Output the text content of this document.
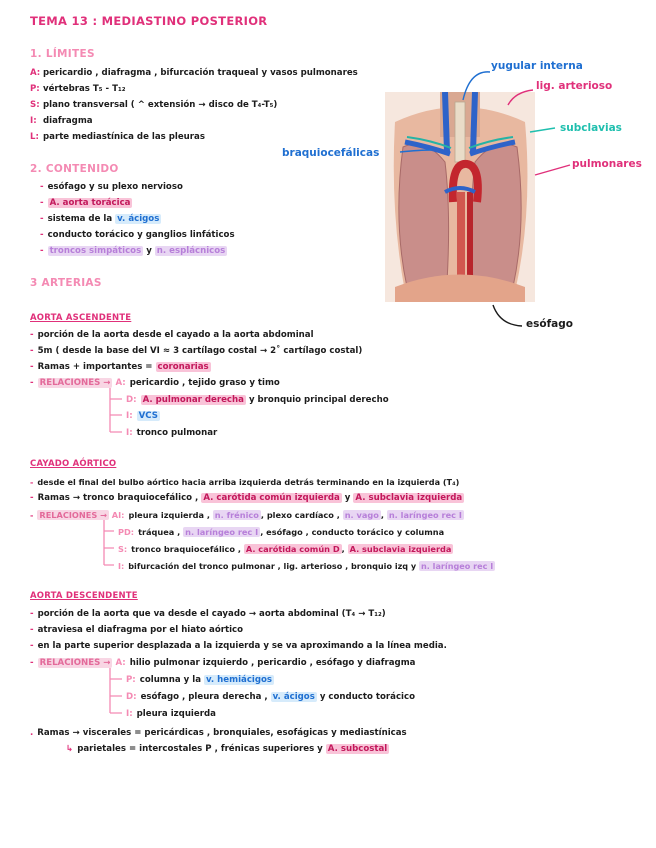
TEMA 13 : MEDIASTINO POSTERIOR
1. LÍMITES
A: pericardio , diafragma , bifurcación traqueal y vasos pulmonares
P: vértebras T₅ - T₁₂
S: plano transversal ( ^ extensión → disco de T₄-T₅)
I: diafragma
L: parte mediastínica de las pleuras
2. CONTENIDO
- esófago y su plexo nervioso
- A. aorta torácica
- sistema de la v. ácigos
- conducto torácico y ganglios linfáticos
- troncos simpáticos y n. esplácnicos
3 ARTERIAS
AORTA ASCENDENTE
- porción de la aorta desde el cayado a la aorta abdominal
- 5m ( desde la base del VI ≈ 3 cartílago costal → 2˚ cartílago costal)
- Ramas + importantes = coronarias
- RELACIONES → A: pericardio , tejido graso y timo
D: A. pulmonar derecha y bronquio principal derecho
I: VCS
I: tronco pulmonar
CAYADO AÓRTICO
- desde el final del bulbo aórtico hacia arriba izquierda detrás terminando en la izquierda (T₄)
- Ramas → tronco braquiocefálico , A. carótida común izquierda y A. subclavia izquierda
- RELACIONES → AI: pleura izquierda , n. frénico , plexo cardíaco , n. vago , n. laríngeo rec I
PD: tráquea , n. laríngeo rec I , esófago , conducto torácico y columna
S: tronco braquiocefálico , A. carótida común D , A. subclavia izquierda
I: bifurcación del tronco pulmonar , lig. arterioso , bronquio izq y n. laríngeo rec I
AORTA DESCENDENTE
- porción de la aorta que va desde el cayado → aorta abdominal (T₄ → T₁₂)
- atraviesa el diafragma por el hiato aórtico
- en la parte superior desplazada a la izquierda y se va aproximando a la línea media.
- RELACIONES → A: hilio pulmonar izquierdo , pericardio , esófago y diafragma
P: columna y la v. hemiácigos
D: esófago , pleura derecha , v. ácigos y conducto torácico
I: pleura izquierda
. Ramas → viscerales = pericárdicas , bronquiales, esofágicas y mediastínicas
↳ parietales = intercostales P , frénicas superiores y A. subcostal
yugular interna
lig. arterioso
subclavias
braquiocefálicas
pulmonares
esófago
